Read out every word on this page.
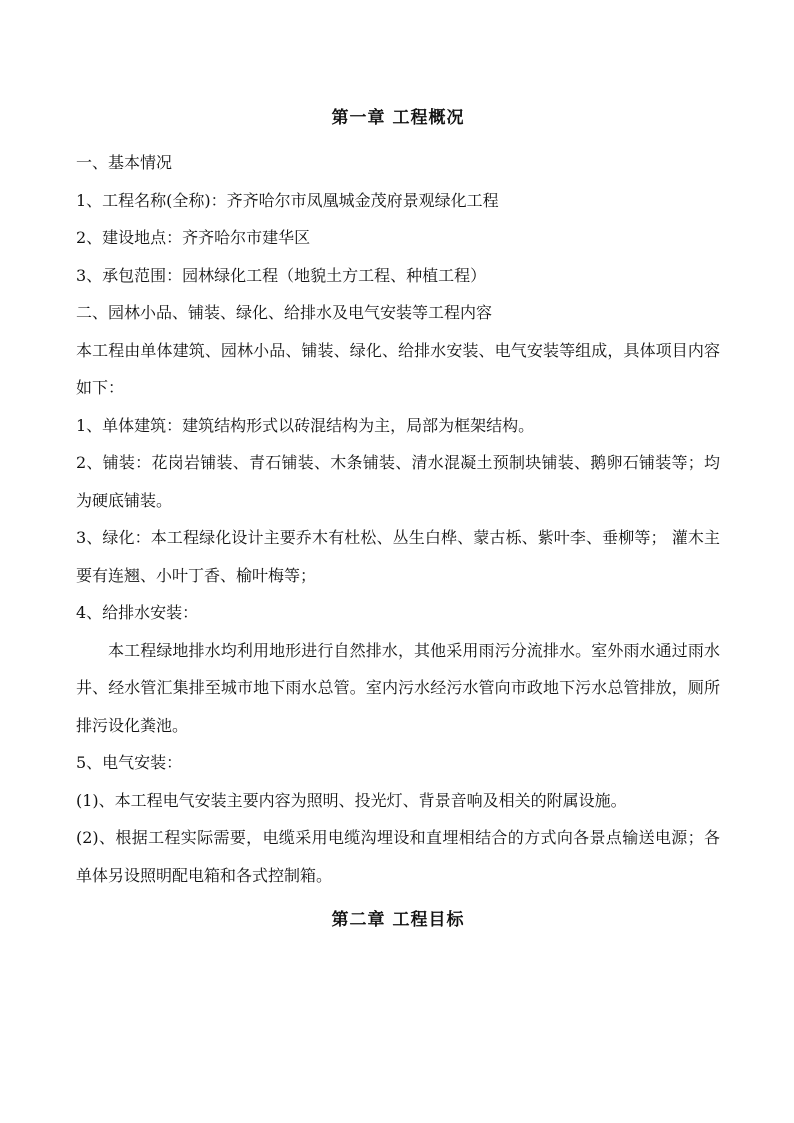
第一章 工程概况

一、基本情况

1、工程名称(全称)：齐齐哈尔市凤凰城金茂府景观绿化工程

2、建设地点：齐齐哈尔市建华区

3、承包范围：园林绿化工程（地貌土方工程、种植工程）

二、园林小品、铺装、绿化、给排水及电气安装等工程内容

本工程由单体建筑、园林小品、铺装、绿化、给排水安装、电气安装等组成，具体项目内容如下：

1、单体建筑：建筑结构形式以砖混结构为主，局部为框架结构。

2、铺装：花岗岩铺装、青石铺装、木条铺装、清水混凝土预制块铺装、鹅卵石铺装等；均为硬底铺装。

3、绿化：本工程绿化设计主要乔木有杜松、丛生白桦、蒙古栎、紫叶李、垂柳等； 灌木主要有连翘、小叶丁香、榆叶梅等；

4、给排水安装：

本工程绿地排水均利用地形进行自然排水，其他采用雨污分流排水。室外雨水通过雨水井、经水管汇集排至城市地下雨水总管。室内污水经污水管向市政地下污水总管排放，厕所排污设化粪池。

5、电气安装：

(1)、本工程电气安装主要内容为照明、投光灯、背景音响及相关的附属设施。

(2)、根据工程实际需要，电缆采用电缆沟埋设和直埋相结合的方式向各景点输送电源；各单体另设照明配电箱和各式控制箱。

第二章 工程目标
